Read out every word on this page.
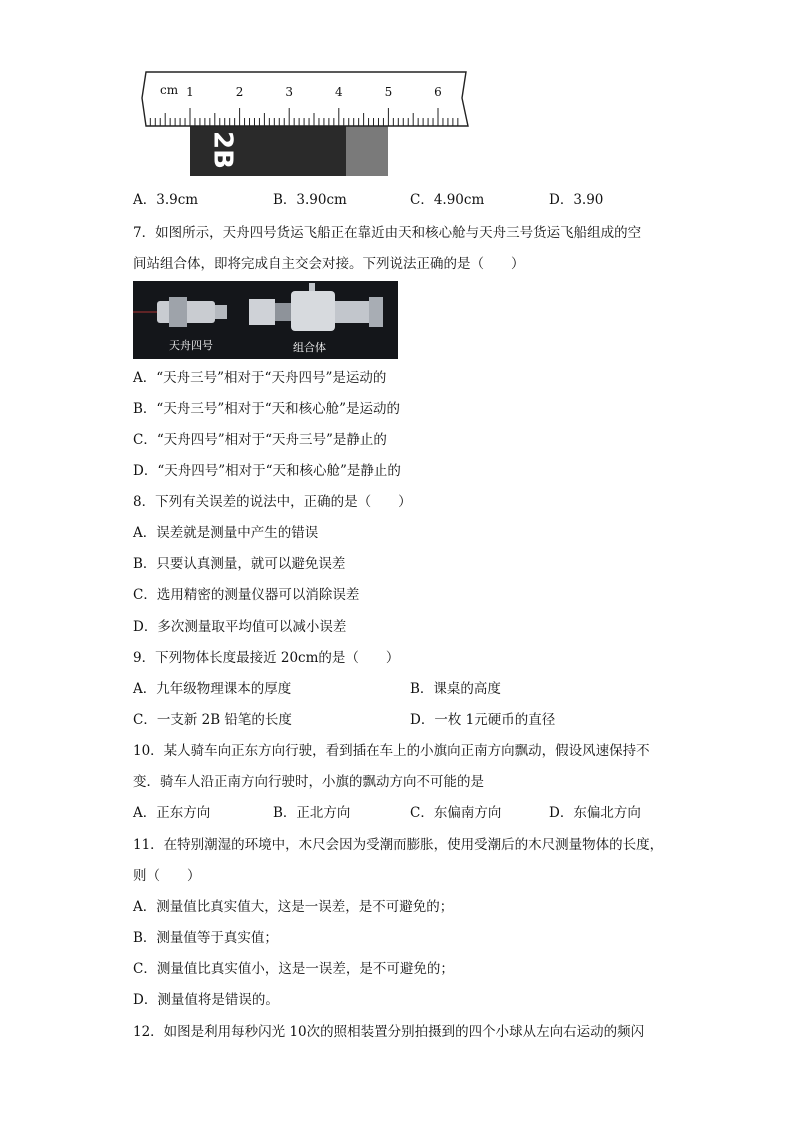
2B
cm 1	2	3	4	5	6
A．3.9cm	B．3.90cm	C．4.90cm	D．3.90
7．如图所示，天舟四号货运飞船正在靠近由天和核心舱与天舟三号货运飞船组成的空
间站组合体，即将完成自主交会对接。下列说法正确的是（　　）
天舟四号	组合体
A．“天舟三号”相对于“天舟四号”是运动的
B．“天舟三号”相对于“天和核心舱”是运动的
C．“天舟四号”相对于“天舟三号”是静止的
D．“天舟四号”相对于“天和核心舱”是静止的
8．下列有关误差的说法中，正确的是（　　）
A．误差就是测量中产生的错误
B．只要认真测量，就可以避免误差
C．选用精密的测量仪器可以消除误差
D．多次测量取平均值可以减小误差
9．下列物体长度最接近 20cm的是（　　）
A．九年级物理课本的厚度	B．课桌的高度
C．一支新 2B 铅笔的长度	D．一枚 1元硬币的直径
10．某人骑车向正东方向行驶，看到插在车上的小旗向正南方向飘动，假设风速保持不
变．骑车人沿正南方向行驶时，小旗的飘动方向不可能的是
A．正东方向	B．正北方向	C．东偏南方向	D．东偏北方向
11．在特别潮湿的环境中，木尺会因为受潮而膨胀，使用受潮后的木尺测量物体的长度，
则（　　）
A．测量值比真实值大，这是一误差，是不可避免的；
B．测量值等于真实值；
C．测量值比真实值小，这是一误差，是不可避免的；
D．测量值将是错误的。
12．如图是利用每秒闪光 10次的照相装置分别拍摄到的四个小球从左向右运动的频闪
